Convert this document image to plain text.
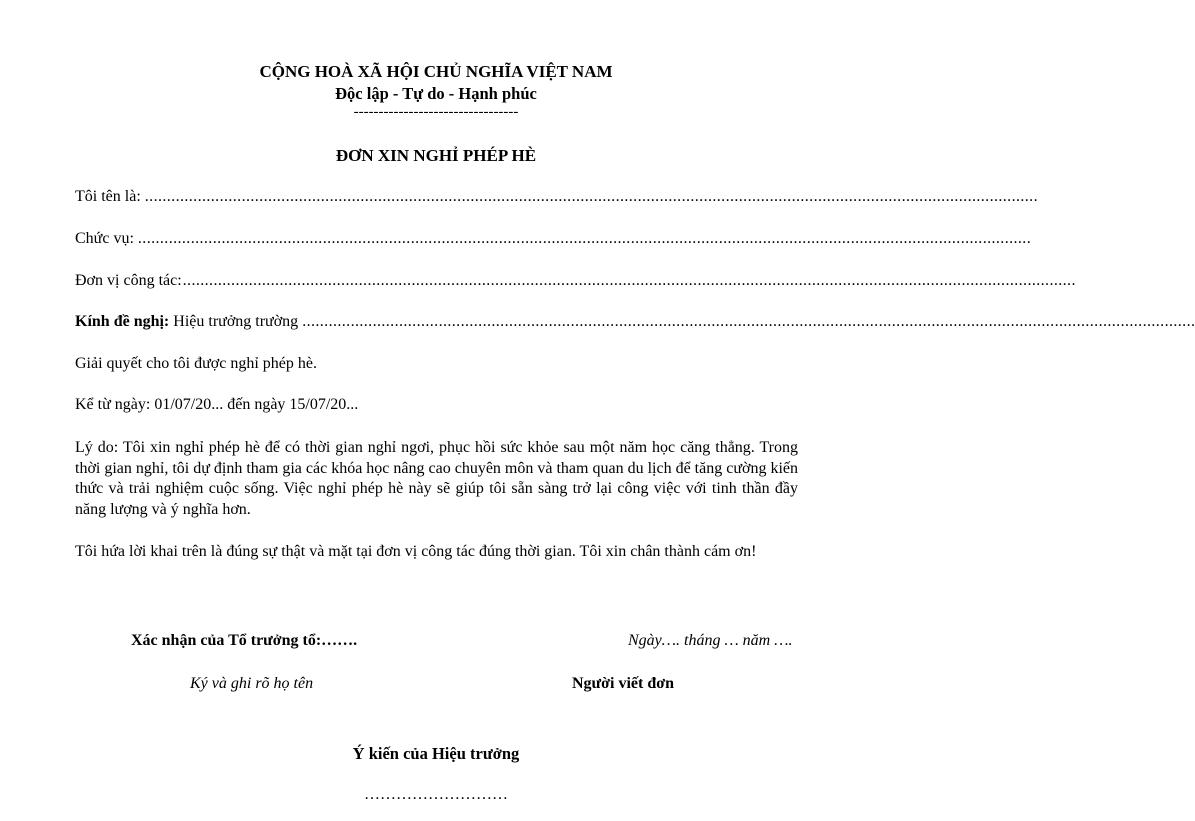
CỘNG HOÀ XÃ HỘI CHỦ NGHĨA VIỆT NAM
Độc lập - Tự do - Hạnh phúc
---------------------------------
ĐƠN XIN NGHỈ PHÉP HÈ
Tôi tên là: ...........................................................................................................................................................................................................
Chức vụ: ...........................................................................................................................................................................................................
Đơn vị công tác: ...........................................................................................................................................................................................................
Kính đề nghị: Hiệu trưởng trường ...........................................................................................................................................................................................................
Giải quyết cho tôi được nghỉ phép hè.
Kể từ ngày: 01/07/20... đến ngày 15/07/20...
Lý do: Tôi xin nghỉ phép hè để có thời gian nghỉ ngơi, phục hồi sức khỏe sau một năm học căng thẳng. Trong thời gian nghỉ, tôi dự định tham gia các khóa học nâng cao chuyên môn và tham quan du lịch để tăng cường kiến thức và trải nghiệm cuộc sống. Việc nghỉ phép hè này sẽ giúp tôi sẵn sàng trở lại công việc với tinh thần đầy năng lượng và ý nghĩa hơn.
Tôi hứa lời khai trên là đúng sự thật và mặt tại đơn vị công tác đúng thời gian. Tôi xin chân thành cám ơn!
Xác nhận của Tổ trưởng tổ:…….	Ngày…. tháng … năm ….
Ký và ghi rõ họ tên	Người viết đơn
Ý kiến của Hiệu trưởng
………………………
